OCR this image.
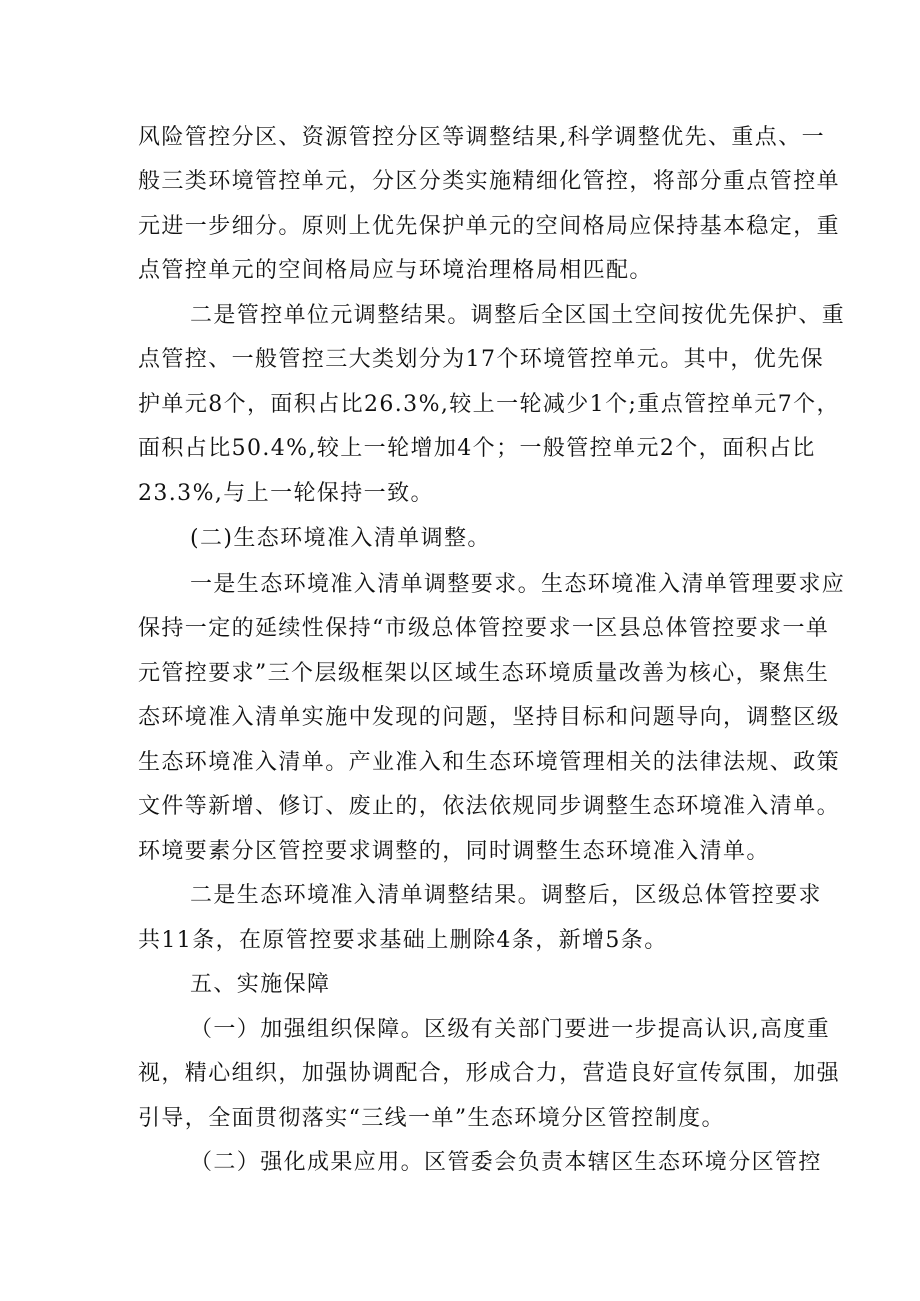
风险管控分区、资源管控分区等调整结果,科学调整优先、重点、一
般三类环境管控单元，分区分类实施精细化管控，将部分重点管控单
元进一步细分。原则上优先保护单元的空间格局应保持基本稳定，重
点管控单元的空间格局应与环境治理格局相匹配。
二是管控单位元调整结果。调整后全区国土空间按优先保护、重
点管控、一般管控三大类划分为17个环境管控单元。其中，优先保
护单元8个，面积占比26.3%,较上一轮减少1个;重点管控单元7个，
面积占比50.4%,较上一轮增加4个；一般管控单元2个，面积占比
23.3%,与上一轮保持一致。
(二)生态环境准入清单调整。
一是生态环境准入清单调整要求。生态环境准入清单管理要求应
保持一定的延续性保持“市级总体管控要求一区县总体管控要求一单
元管控要求”三个层级框架以区域生态环境质量改善为核心，聚焦生
态环境准入清单实施中发现的问题，坚持目标和问题导向，调整区级
生态环境准入清单。产业准入和生态环境管理相关的法律法规、政策
文件等新增、修订、废止的，依法依规同步调整生态环境准入清单。
环境要素分区管控要求调整的，同时调整生态环境准入清单。
二是生态环境准入清单调整结果。调整后，区级总体管控要求
共11条，在原管控要求基础上删除4条，新增5条。
五、实施保障
（一）加强组织保障。区级有关部门要进一步提高认识,高度重
视，精心组织，加强协调配合，形成合力，营造良好宣传氛围，加强
引导，全面贯彻落实“三线一单”生态环境分区管控制度。
（二）强化成果应用。区管委会负责本辖区生态环境分区管控
